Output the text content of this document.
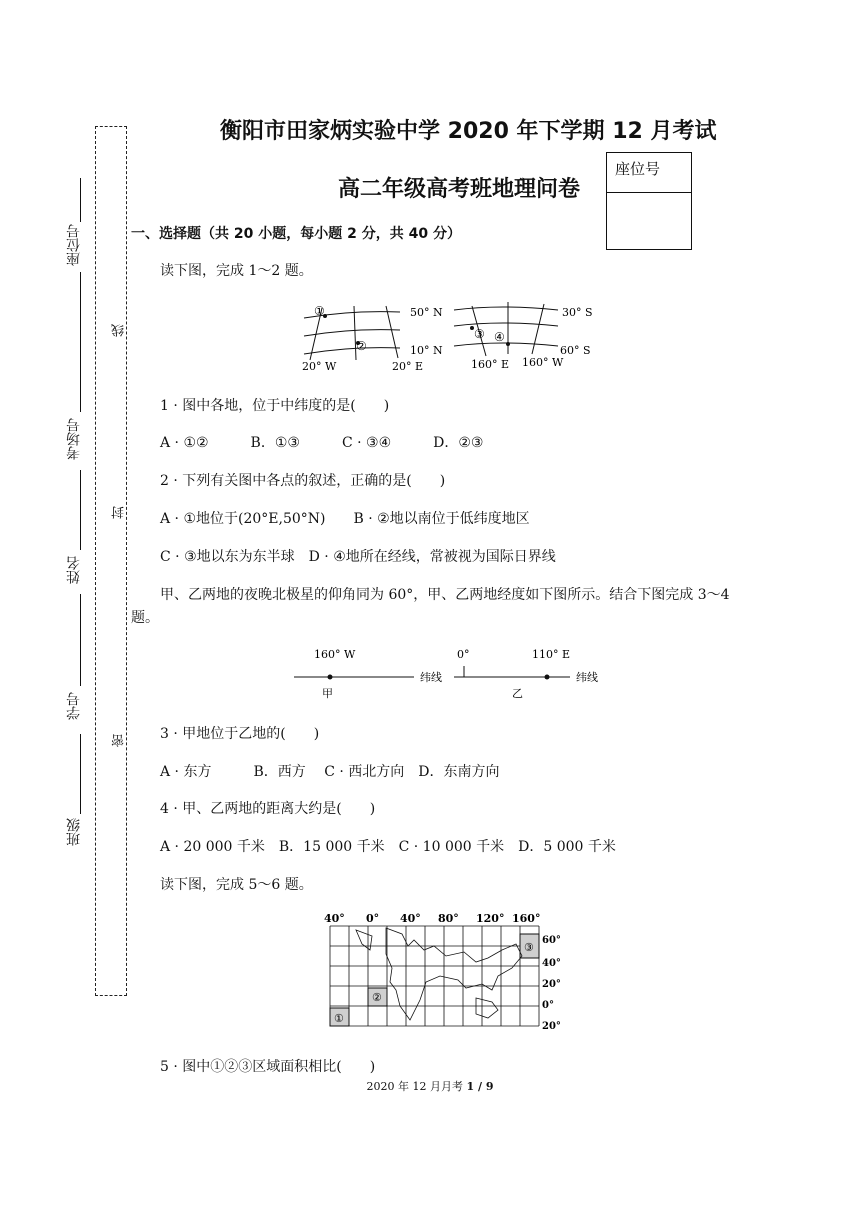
衡阳市田家炳实验中学 2020 年下学期 12 月考试
高二年级高考班地理问卷
座位号
座位号
考场号
姓名
学号
班级
线
封
密
一、选择题（共 20 小题，每小题 2 分，共 40 分）
读下图，完成 1～2 题。
①
②
50° N
10° N
20° W	20° E
③ ④
30° S
60° S
160° E 160° W
1 · 图中各地，位于中纬度的是(　　)
A · ①②　　　B．①③　　　C · ③④　　　D．②③
2 · 下列有关图中各点的叙述，正确的是(　　)
A · ①地位于(20°E,50°N)　　B · ②地以南位于低纬度地区
C · ③地以东为东半球　D · ④地所在经线，常被视为国际日界线
甲、乙两地的夜晚北极星的仰角同为 60°，甲、乙两地经度如下图所示。结合下图完成 3～4 题。
160° W
甲
纬线
0°	110° E
乙
纬线
3 · 甲地位于乙地的(　　)
A · 东方　　　B．西方　 C · 西北方向　D．东南方向
4 · 甲、乙两地的距离大约是(　　)
A · 20 000 千米　B．15 000 千米　C · 10 000 千米　D．5 000 千米
读下图，完成 5～6 题。
①
②
③
40° 0° 40° 80° 120° 160°
60°
40°
20°
0°
20°
5 · 图中①②③区域面积相比(　　)
2020 年 12 月月考 1 / 9
